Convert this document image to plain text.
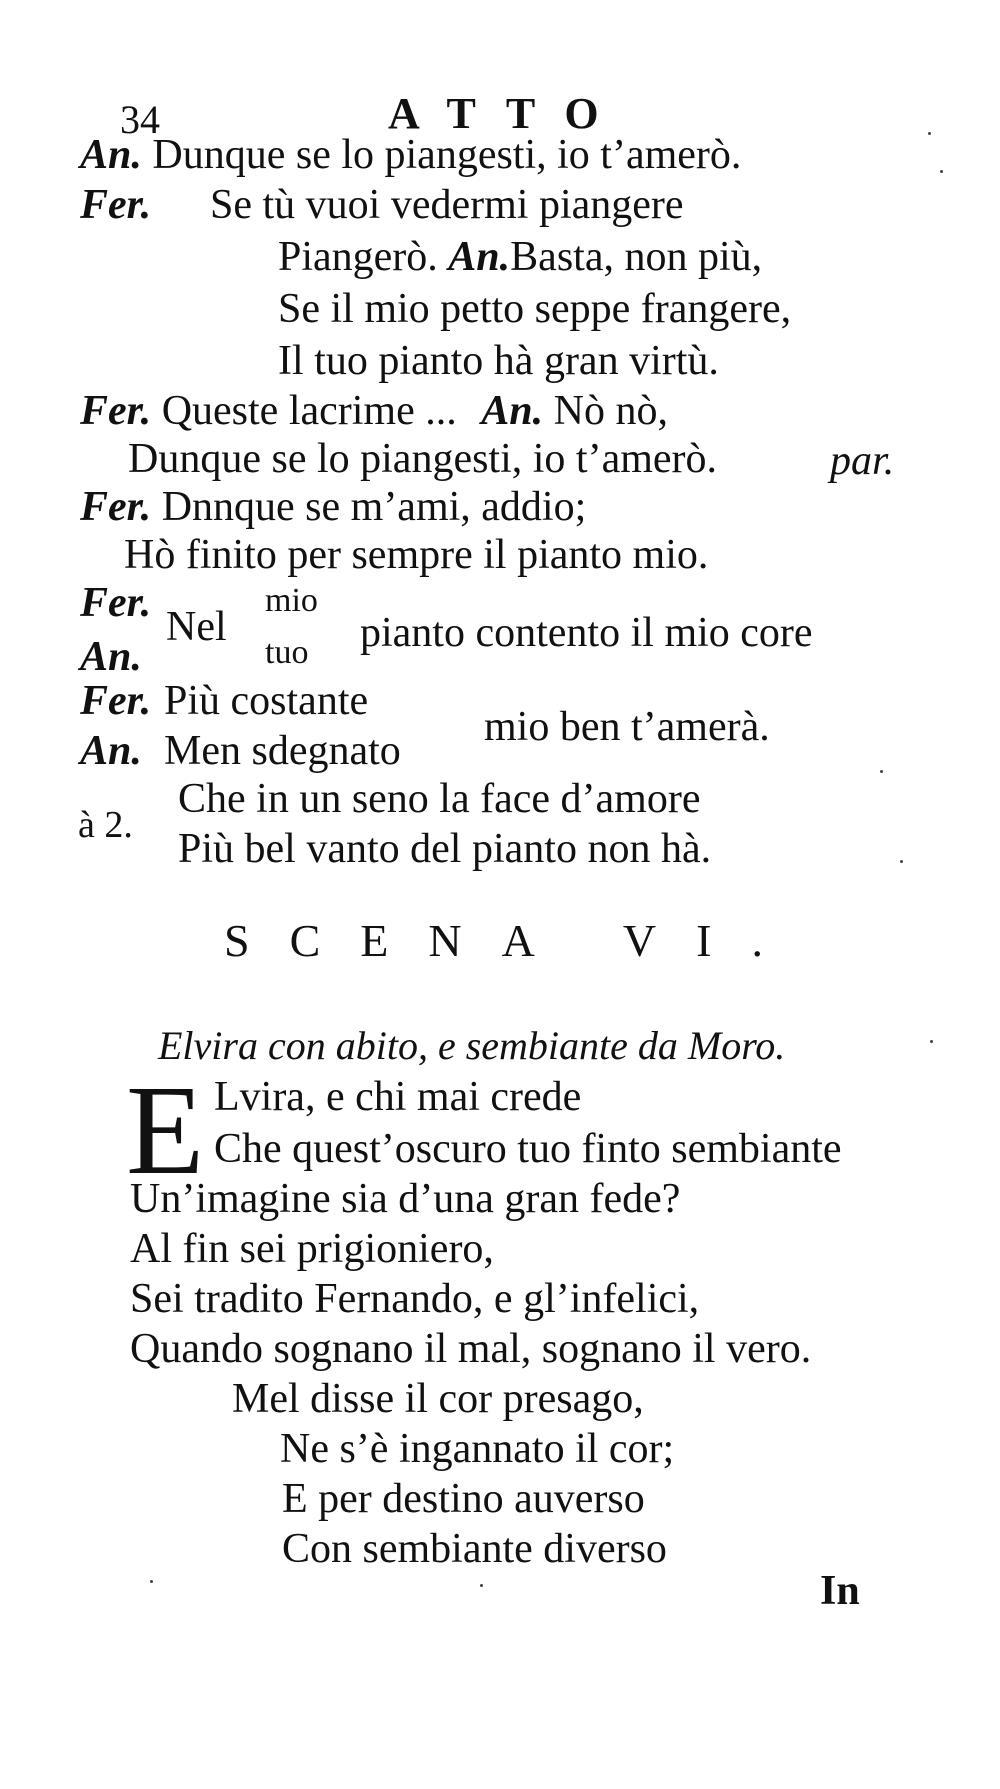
34	ATTO
An. Dunque se lo piangesti, io t’amerò.
Fer. Se tù vuoi vedermi piangere
Piangerò. An.Basta, non più,
Se il mio petto seppe frangere,
Il tuo pianto hà gran virtù.
Fer. Queste lacrime ... An. Nò nò,
Dunque se lo piangesti, io t’amerò.	par.
Fer. Dnnque se m’ami, addio;
Hò finito per sempre il pianto mio.
Fer.
An.
Nel
mio
tuo pianto contento il mio core
Fer. Più costante
An. Men sdegnato
mio ben t’amerà.
à 2.
Che in un seno la face d’amore
Più bel vanto del pianto non hà.
SCENA VI.
Elvira con abito, e sembiante da Moro.
E Lvira, e chi mai crede
Che quest’oscuro tuo finto sembiante
Un’imagine sia d’una gran fede?
Al fin sei prigioniero,
Sei tradito Fernando, e gl’infelici,
Quando sognano il mal, sognano il vero.
Mel disse il cor presago,
Ne s’è ingannato il cor;
E per destino auverso
Con sembiante diverso
In
